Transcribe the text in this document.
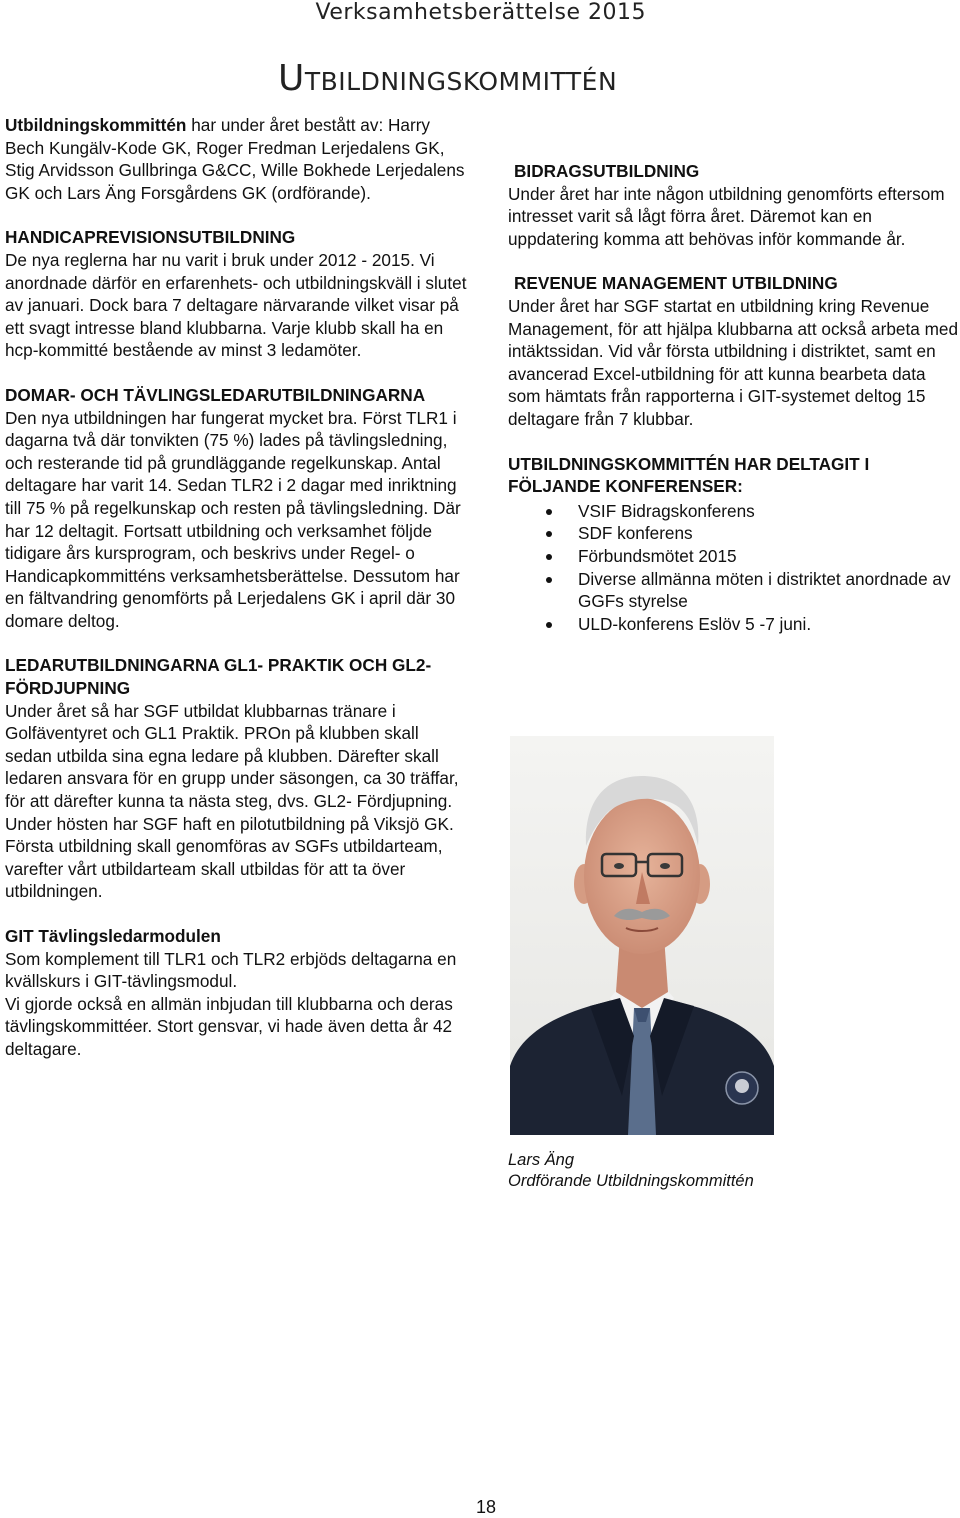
Verksamhetsberättelse 2015
Utbildningskommittén

Utbildningskommittén har under året bestått av: Harry Bech Kungälv-Kode GK, Roger Fredman Lerjedalens GK, Stig Arvidsson Gullbringa G&CC, Wille Bokhede Lerjedalens GK och Lars Äng Forsgårdens GK (ordförande).

HANDICAPREVISIONSUTBILDNING

De nya reglerna har nu varit i bruk under 2012 - 2015. Vi anordnade därför en erfarenhets- och utbildningskväll i slutet av januari. Dock bara 7 deltagare närvarande vilket visar på ett svagt intresse bland klubbarna. Varje klubb skall ha en hcp-kommitté bestående av minst 3 ledamöter.

DOMAR- OCH TÄVLINGSLEDARUTBILDNINGARNA

Den nya utbildningen har fungerat mycket bra. Först TLR1 i dagarna två där tonvikten (75 %) lades på tävlingsledning, och resterande tid på grundläggande regelkunskap. Antal deltagare har varit 14. Sedan TLR2 i 2 dagar med inriktning till 75 % på regelkunskap och resten på tävlingsledning. Där har 12 deltagit. Fortsatt utbildning och verksamhet följde tidigare års kursprogram, och beskrivs under Regel- o Handicapkommitténs verksamhetsberättelse. Dessutom har en fältvandring genomförts på Lerjedalens GK i april där 30 domare deltog.

LEDARUTBILDNINGARNA GL1- PRAKTIK OCH GL2- FÖRDJUPNING

Under året så har SGF utbildat klubbarnas tränare i Golfäventyret och GL1 Praktik. PROn på klubben skall sedan utbilda sina egna ledare på klubben. Därefter skall ledaren ansvara för en grupp under säsongen, ca 30 träffar, för att därefter kunna ta nästa steg, dvs. GL2- Fördjupning. Under hösten har SGF haft en pilotutbildning på Viksjö GK. Första utbildning skall genomföras av SGFs utbildarteam, varefter vårt utbildarteam skall utbildas för att ta över utbildningen.

GIT Tävlingsledarmodulen

Som komplement till TLR1 och TLR2 erbjöds deltagarna en kvällskurs i GIT-tävlingsmodul.

Vi gjorde också en allmän inbjudan till klubbarna och deras tävlingskommittéer. Stort gensvar, vi hade även detta år 42 deltagare.

BIDRAGSUTBILDNING

Under året har inte någon utbildning genomförts eftersom intresset varit så lågt förra året. Däremot kan en uppdatering komma att behövas inför kommande år.

REVENUE MANAGEMENT UTBILDNING

Under året har SGF startat en utbildning kring Revenue Management, för att hjälpa klubbarna att också arbeta med intäktssidan. Vid vår första utbildning i distriktet, samt en avancerad Excel-utbildning för att kunna bearbeta data som hämtats från rapporterna i GIT-systemet deltog 15 deltagare från 7 klubbar.

UTBILDNINGSKOMMITTÉN HAR DELTAGIT I FÖLJANDE KONFERENSER:

VSIF Bidragskonferens
SDF konferens
Förbundsmötet 2015
Diverse allmänna möten i distriktet anordnade av GGFs styrelse
ULD-konferens Eslöv 5 -7 juni.
Lars Äng
Ordförande Utbildningskommittén
18
